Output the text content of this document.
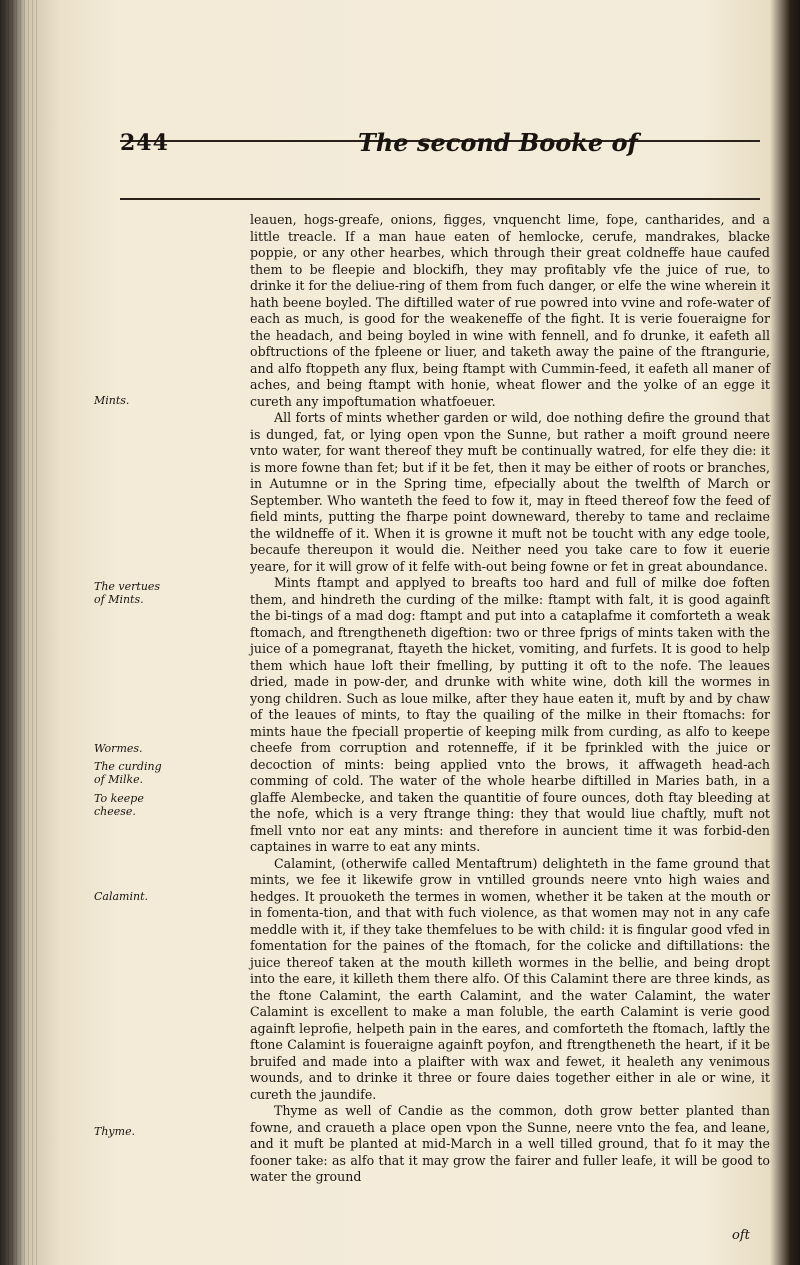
244	The second Booke of
Mints.
The vertues of Mints.
Wormes.
The curding of Milke.
To keepe cheese.
Calamint.
Thyme.

leauen, hogs-greafe, onions, figges, vnquencht lime, fope, cantharides, and a little treacle. If a man haue eaten of hemlocke, cerufe, mandrakes, blacke poppie, or any other hearbes, which through their great coldneffe haue caufed them to be fleepie and blockifh, they may profitably vfe the juice of rue, to drinke it for the deliue-ring of them from fuch danger, or elfe the wine wherein it hath beene boyled. The diftilled water of rue powred into vvine and rofe-water of each as much, is good for the weakeneffe of the fight. It is verie foueraigne for the headach, and being boyled in wine with fennell, and fo drunke, it eafeth all obftructions of the fpleene or liuer, and taketh away the paine of the ftrangurie, and alfo ftoppeth any flux, being ftampt with Cummin-feed, it eafeth all maner of aches, and being ftampt with honie, wheat flower and the yolke of an egge it cureth any impoftumation whatfoeuer.

All forts of mints whether garden or wild, doe nothing defire the ground that is dunged, fat, or lying open vpon the Sunne, but rather a moift ground neere vnto water, for want thereof they muft be continually watred, for elfe they die: it is more fowne than fet; but if it be fet, then it may be either of roots or branches, in Autumne or in the Spring time, efpecially about the twelfth of March or September. Who wanteth the feed to fow it, may in fteed thereof fow the feed of field mints, putting the fharpe point downeward, thereby to tame and reclaime the wildneffe of it. When it is growne it muft not be toucht with any edge toole, becaufe thereupon it would die. Neither need you take care to fow it euerie yeare, for it will grow of it felfe with-out being fowne or fet in great aboundance.

Mints ftampt and applyed to breafts too hard and full of milke doe foften them, and hindreth the curding of the milke: ftampt with falt, it is good againft the bi-tings of a mad dog: ftampt and put into a cataplafme it comforteth a weak ftomach, and ftrengtheneth digeftion: two or three fprigs of mints taken with the juice of a pomegranat, ftayeth the hicket, vomiting, and furfets. It is good to help them which haue loft their fmelling, by putting it oft to the nofe. The leaues dried, made in pow-der, and drunke with white wine, doth kill the wormes in yong children. Such as loue milke, after they haue eaten it, muft by and by chaw of the leaues of mints, to ftay the quailing of the milke in their ftomachs: for mints haue the fpeciall propertie of keeping milk from curding, as alfo to keepe cheefe from corruption and rotenneffe, if it be fprinkled with the juice or decoction of mints: being applied vnto the brows, it affwageth head-ach comming of cold. The water of the whole hearbe diftilled in Maries bath, in a glaffe Alembecke, and taken the quantitie of foure ounces, doth ftay bleeding at the nofe, which is a very ftrange thing: they that would liue chaftly, muft not fmell vnto nor eat any mints: and therefore in auncient time it was forbid-den captaines in warre to eat any mints.

Calamint, (otherwife called Mentaftrum) delighteth in the fame ground that mints, we fee it likewife grow in vntilled grounds neere vnto high waies and hedges. It prouoketh the termes in women, whether it be taken at the mouth or in fomenta-tion, and that with fuch violence, as that women may not in any cafe meddle with it, if they take themfelues to be with child: it is fingular good vfed in fomentation for the paines of the ftomach, for the colicke and diftillations: the juice thereof taken at the mouth killeth wormes in the bellie, and being dropt into the eare, it killeth them there alfo. Of this Calamint there are three kinds, as the ftone Calamint, the earth Calamint, and the water Calamint, the water Calamint is excellent to make a man foluble, the earth Calamint is verie good againft leprofie, helpeth pain in the eares, and comforteth the ftomach, laftly the ftone Calamint is foueraigne againft poyfon, and ftrengtheneth the heart, if it be bruifed and made into a plaifter with wax and fewet, it healeth any venimous wounds, and to drinke it three or foure daies together either in ale or wine, it cureth the jaundife.

Thyme as well of Candie as the common, doth grow better planted than fowne, and craueth a place open vpon the Sunne, neere vnto the fea, and leane, and it muft be planted at mid-March in a well tilled ground, that fo it may the fooner take: as alfo that it may grow the fairer and fuller leafe, it will be good to water the ground

oft
